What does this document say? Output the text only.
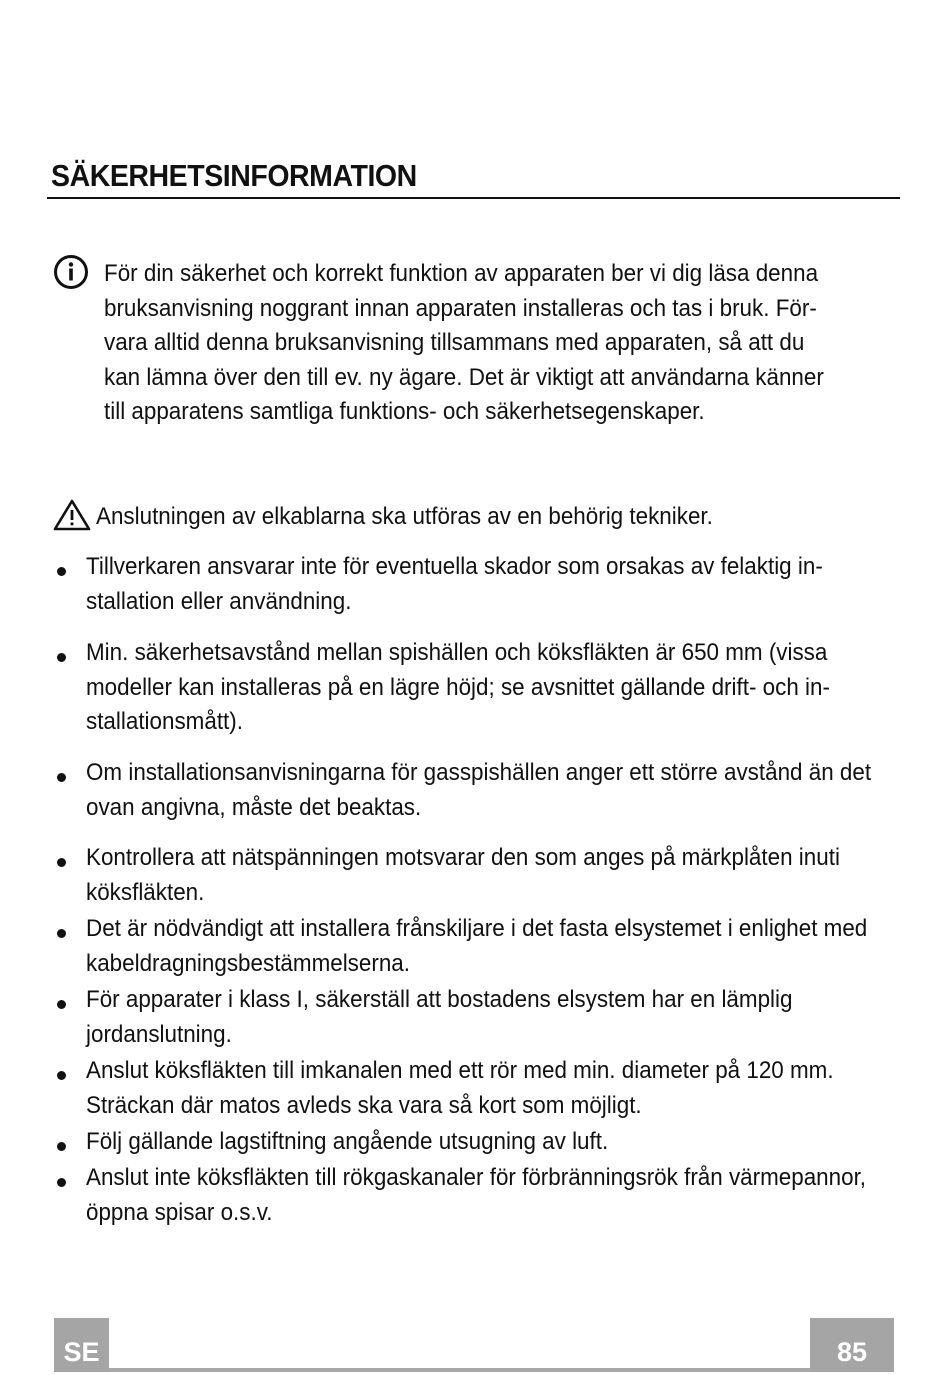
SÄKERHETSINFORMATION
För din säkerhet och korrekt funktion av apparaten ber vi dig läsa denna bruksanvisning noggrant innan apparaten installeras och tas i bruk. För-vara alltid denna bruksanvisning tillsammans med apparaten, så att du kan lämna över den till ev. ny ägare. Det är viktigt att användarna känner till apparatens samtliga funktions- och säkerhetsegenskaper.
Anslutningen av elkablarna ska utföras av en behörig tekniker.
Tillverkaren ansvarar inte för eventuella skador som orsakas av felaktig in-stallation eller användning.
Min. säkerhetsavstånd mellan spishällen och köksfläkten är 650 mm (vissa modeller kan installeras på en lägre höjd; se avsnittet gällande drift- och in-stallationsmått).
Om installationsanvisningarna för gasspishällen anger ett större avstånd än det ovan angivna, måste det beaktas.
Kontrollera att nätspänningen motsvarar den som anges på märkplåten inuti köksfläkten.
Det är nödvändigt att installera frånskiljare i det fasta elsystemet i enlighet med kabeldragningsbestämmelserna.
För apparater i klass I, säkerställ att bostadens elsystem har en lämplig jordanslutning.
Anslut köksfläkten till imkanalen med ett rör med min. diameter på 120 mm. Sträckan där matos avleds ska vara så kort som möjligt.
Följ gällande lagstiftning angående utsugning av luft.
Anslut inte köksfläkten till rökgaskanaler för förbränningsrök från värmepannor, öppna spisar o.s.v.
SE	85
